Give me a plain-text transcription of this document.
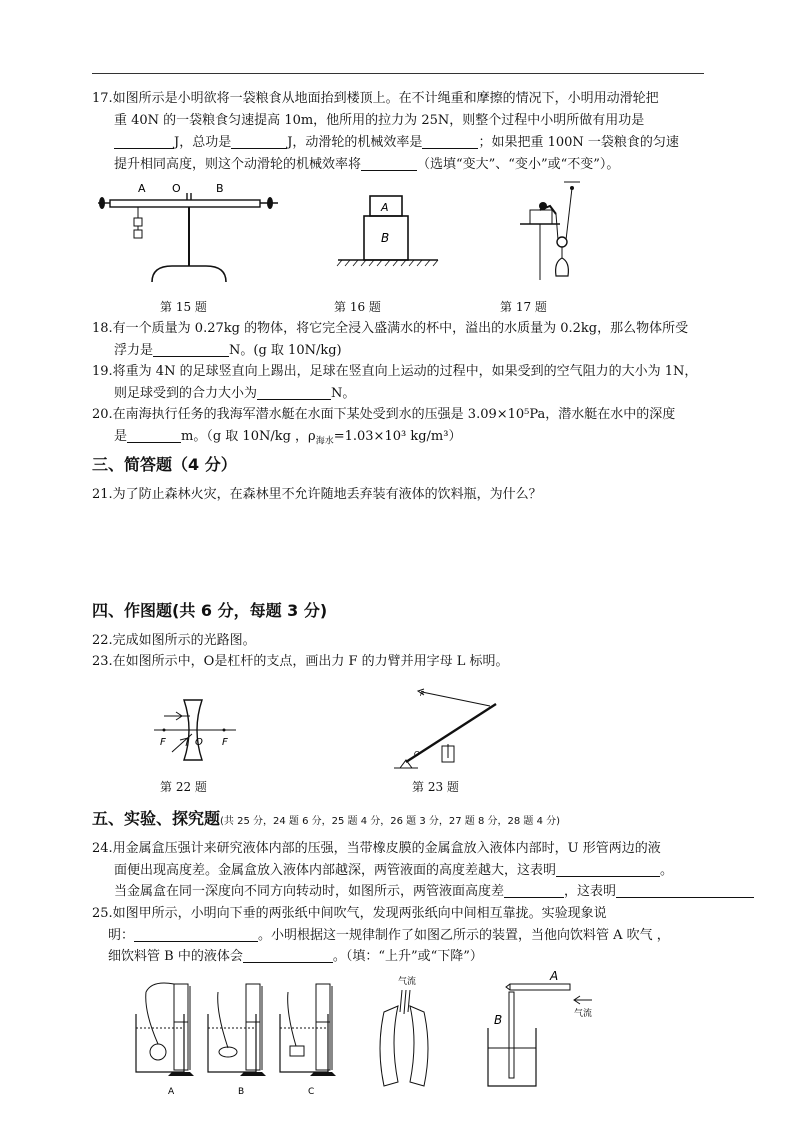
17.如图所示是小明欲将一袋粮食从地面抬到楼顶上。在不计绳重和摩擦的情况下，小明用动滑轮把
重 40N 的一袋粮食匀速提高 10m，他所用的拉力为 25N，则整个过程中小明所做有用功是
J，总功是	J，动滑轮的机械效率是	；如果把重 100N 一袋粮食的匀速
提升相同高度，则这个动滑轮的机械效率将	（选填“变大”、“变小”或“不变”）。
A O	B
A
B
第 15 题	第 16 题	第 17 题
18.有一个质量为 0.27kg 的物体，将它完全浸入盛满水的杯中，溢出的水质量为 0.2kg，那么物体所受
浮力是	N。(g 取 10N/kg)
19.将重为 4N 的足球竖直向上踢出，足球在竖直向上运动的过程中，如果受到的空气阻力的大小为 1N，
则足球受到的合力大小为	N。
20.在南海执行任务的我海军潜水艇在水面下某处受到水的压强是 3.09×10⁵Pa，潜水艇在水中的深度
是	m。（g 取 10N/kg ，$\rho_{海水}=1.03\times 10^3$ kg/m³）
三、简答题（4 分）
21.为了防止森林火灾，在森林里不允许随地丢弃装有液体的饮料瓶，为什么？
四、作图题(共 6 分，每题 3 分)
22.完成如图所示的光路图。
23.在如图所示中，O是杠杆的支点，画出力 F 的力臂并用字母 L 标明。
F	O F
F
O
第 22 题	第 23 题
五、实验、探究题(共 25 分，24 题 6 分，25 题 4 分，26 题 3 分，27 题 8 分，28 题 4 分)
24.用金属盒压强计来研究液体内部的压强，当带橡皮膜的金属盒放入液体内部时，U 形管两边的液
面便出现高度差。金属盒放入液体内部越深，两管液面的高度差越大，这表明	。
当金属盒在同一深度向不同方向转动时，如图所示，两管液面高度差	，这表明
25.如图甲所示，小明向下垂的两张纸中间吹气，发现两张纸向中间相互靠拢。实验现象说
明：	。小明根据这一规律制作了如图乙所示的装置，当他向饮料管 A 吹气 ，
细饮料管 B 中的液体会	。（填：“上升”或“下降”）
A	B	C
气流	A
气流
B
